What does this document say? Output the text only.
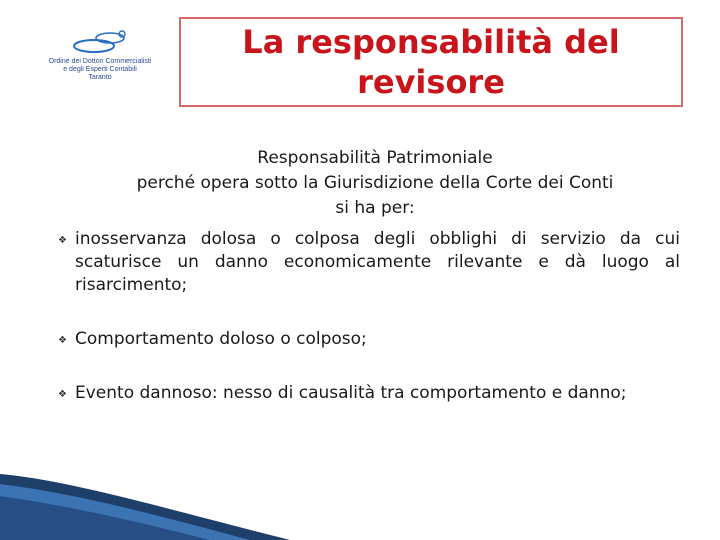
Ordine dei Dottori Commercialisti
e degli Esperti Contabili
Taranto
La responsabilità del
revisore
Responsabilità Patrimoniale
perché opera sotto la Giurisdizione della Corte dei Conti
si ha per:
❖ inosservanza dolosa o colposa degli obblighi di servizio da cui scaturisce un danno economicamente rilevante e dà luogo al risarcimento;
❖ Comportamento doloso o colposo;
❖ Evento dannoso: nesso di causalità tra comportamento e danno;
